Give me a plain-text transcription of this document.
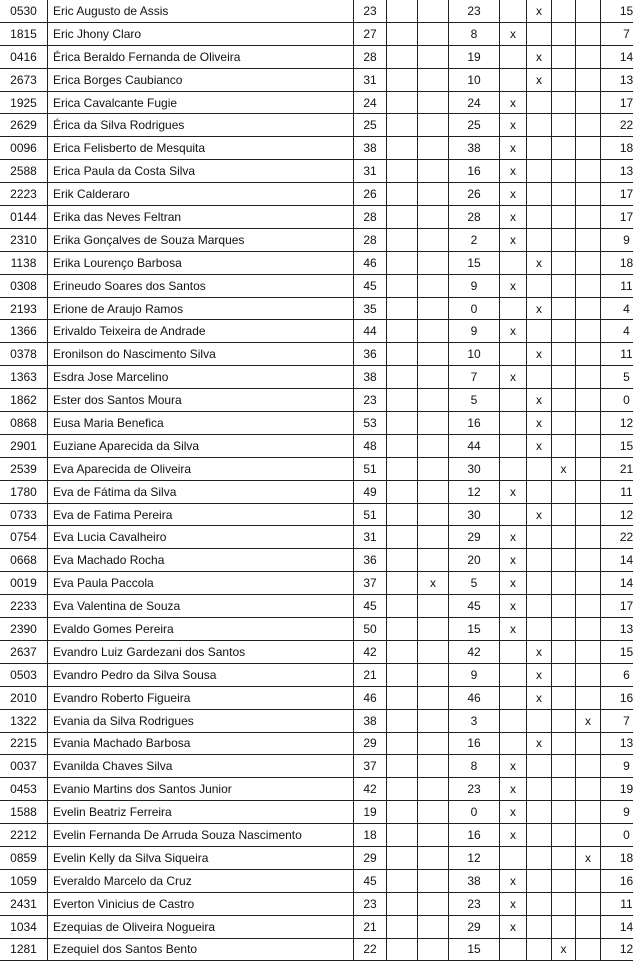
0530	Eric Augusto de Assis	23			23		x			15
1815	Eric Jhony Claro	27			8	x				7
0416	Érica Beraldo Fernanda de Oliveira	28			19		x			14
2673	Erica Borges Caubianco	31			10		x			13
1925	Erica Cavalcante Fugie	24			24	x				17
2629	Érica da Silva Rodrigues	25			25	x				22
0096	Erica Felisberto de Mesquita	38			38	x				18
2588	Erica Paula da Costa Silva	31			16	x				13
2223	Erik Calderaro	26			26	x				17
0144	Erika das Neves Feltran	28			28	x				17
2310	Erika Gonçalves de Souza Marques	28			2	x				9
1138	Erika Lourenço Barbosa	46			15		x			18
0308	Erineudo Soares dos Santos	45			9	x				11
2193	Erione de Araujo Ramos	35			0		x			4
1366	Erivaldo Teixeira de Andrade	44			9	x				4
0378	Eronilson do Nascimento Silva	36			10		x			11
1363	Esdra Jose Marcelino	38			7	x				5
1862	Ester dos Santos Moura	23			5		x			0
0868	Eusa Maria Benefica	53			16		x			12
2901	Euziane Aparecida da Silva	48			44		x			15
2539	Eva Aparecida de Oliveira	51			30			x		21
1780	Eva de Fátima da Silva	49			12	x				11
0733	Eva de Fatima Pereira	51			30		x			12
0754	Eva Lucia Cavalheiro	31			29	x				22
0668	Eva Machado Rocha	36			20	x				14
0019	Eva Paula Paccola	37		x	5	x				14
2233	Eva Valentina de Souza	45			45	x				17
2390	Evaldo Gomes Pereira	50			15	x				13
2637	Evandro Luiz Gardezani dos Santos	42			42		x			15
0503	Evandro Pedro da Silva Sousa	21			9		x			6
2010	Evandro Roberto Figueira	46			46		x			16
1322	Evania da Silva Rodrigues	38			3				x	7
2215	Evania Machado Barbosa	29			16		x			13
0037	Evanilda Chaves Silva	37			8	x				9
0453	Evanio Martins dos Santos Junior	42			23	x				19
1588	Evelin Beatriz Ferreira	19			0	x				9
2212	Evelin Fernanda De Arruda Souza Nascimento	18			16	x				0
0859	Evelin Kelly da Silva Siqueira	29			12				x	18
1059	Everaldo Marcelo da Cruz	45			38	x				16
2431	Everton Vinicius de Castro	23			23	x				11
1034	Ezequias de Oliveira Nogueira	21			29	x				14
1281	Ezequiel dos Santos Bento	22			15			x		12
